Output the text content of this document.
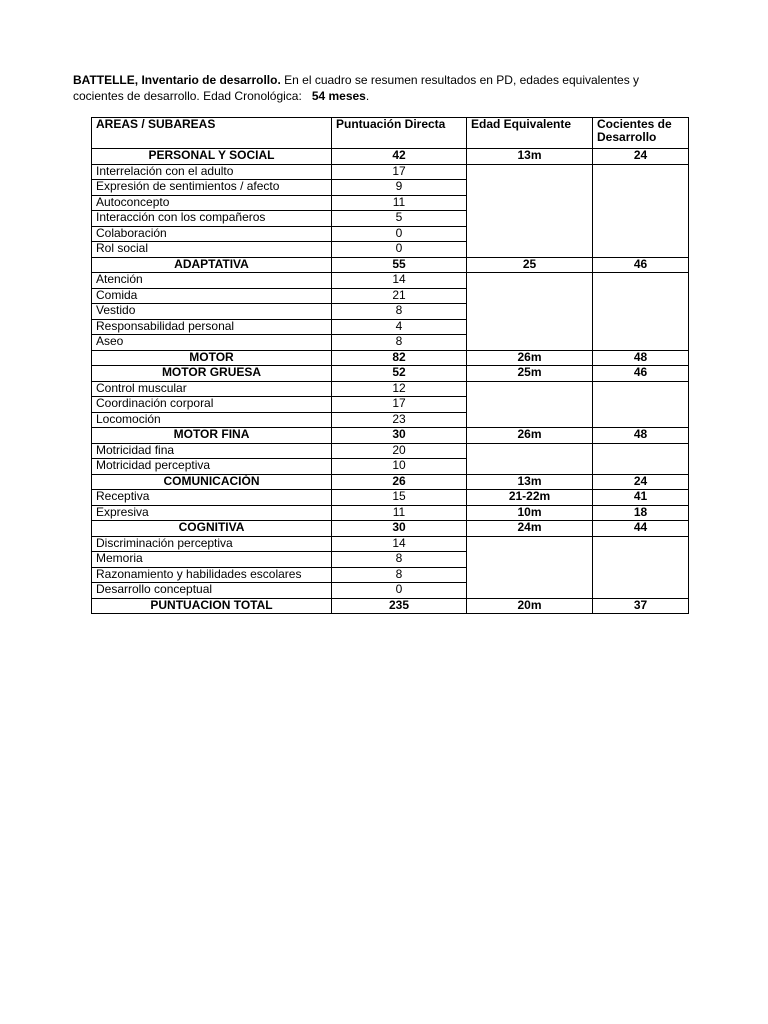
BATTELLE, Inventario de desarrollo. En el cuadro se resumen resultados en PD, edades equivalentes y cocientes de desarrollo. Edad Cronológica:   54 meses.

AREAS / SUBAREAS	Puntuación Directa	Edad Equivalente	Cocientes de Desarrollo
PERSONAL Y SOCIAL	42	13m	24
Interrelación con el adulto	17		
Expresión de sentimientos / afecto	9		
Autoconcepto	11		
Interacción con los compañeros	5		
Colaboración	0		
Rol social	0		
ADAPTATIVA	55	25	46
Atención	14		
Comida	21		
Vestido	8		
Responsabilidad personal	4		
Aseo	8		
MOTOR	82	26m	48
MOTOR GRUESA	52	25m	46
Control muscular	12		
Coordinación corporal	17		
Locomoción	23		
MOTOR FINA	30	26m	48
Motricidad fina	20		
Motricidad perceptiva	10		
COMUNICACIÓN	26	13m	24
Receptiva	15	21-22m	41
Expresiva	11	10m	18
COGNITIVA	30	24m	44
Discriminación perceptiva	14		
Memoria	8		
Razonamiento y habilidades escolares	8		
Desarrollo conceptual	0		
PUNTUACION TOTAL	235	20m	37
